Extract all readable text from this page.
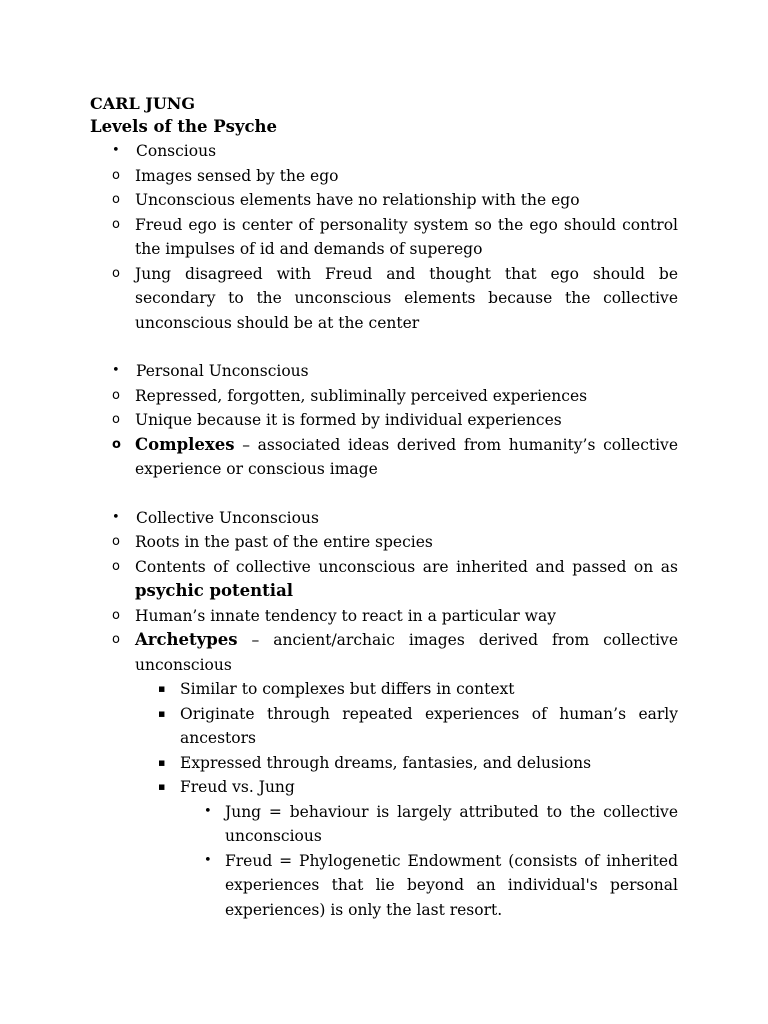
CARL JUNG

Levels of the Psyche

• Conscious
o Images sensed by the ego
o Unconscious elements have no relationship with the ego
o Freud ego is center of personality system so the ego should control the impulses of id and demands of superego
o Jung disagreed with Freud and thought that ego should be secondary to the unconscious elements because the collective unconscious should be at the center
• Personal Unconscious
o Repressed, forgotten, subliminally perceived experiences
o Unique because it is formed by individual experiences
o Complexes – associated ideas derived from humanity’s collective experience or conscious image
• Collective Unconscious
o Roots in the past of the entire species
o Contents of collective unconscious are inherited and passed on as psychic potential
o Human’s innate tendency to react in a particular way
o Archetypes – ancient/archaic images derived from collective unconscious
▪ Similar to complexes but differs in context
▪ Originate through repeated experiences of human’s early ancestors
▪ Expressed through dreams, fantasies, and delusions
▪ Freud vs. Jung
• Jung = behaviour is largely attributed to the collective unconscious
• Freud = Phylogenetic Endowment (consists of inherited experiences that lie beyond an individual's personal experiences) is only the last resort.
